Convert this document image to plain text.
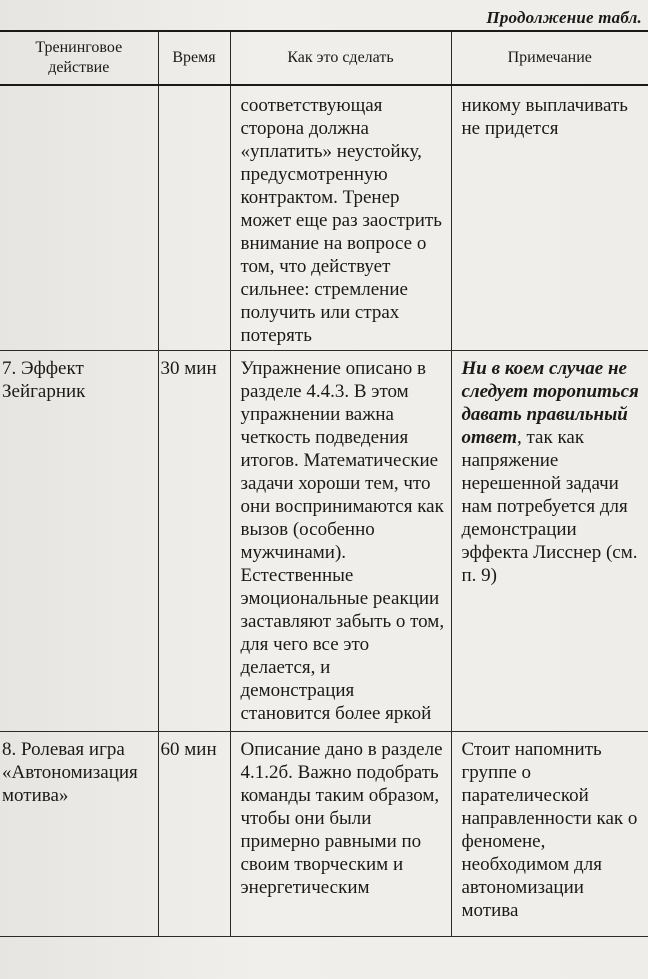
Продолжение табл.
Тренинговое действие	Время	Как это сделать	Примечание

		соответствующая сторона должна «уплатить» неустойку, предусмотренную контрактом. Тренер может еще раз заострить внимание на вопросе о том, что действует сильнее: стремление получить или страх потерять	никому выплачивать не придется

7. Эффект Зейгарник	30 мин	Упражнение описано в разделе 4.4.3. В этом упражнении важна четкость подведения итогов. Математические задачи хороши тем, что они воспринимаются как вызов (особенно мужчинами). Естественные эмоциональные реакции заставляют забыть о том, для чего все это делается, и демонстрация становится более яркой	Ни в коем случае не следует торопиться давать правильный ответ, так как напряжение нерешенной задачи нам потребуется для демонстрации эффекта Лисснер (см. п. 9)

8. Ролевая игра «Автономизация мотива»	60 мин	Описание дано в разделе 4.1.2б. Важно подобрать команды таким образом, чтобы они были примерно равными по своим творческим и энергетическим	Стоит напомнить группе о парателической направленности как о феномене, необходимом для автономизации мотива
